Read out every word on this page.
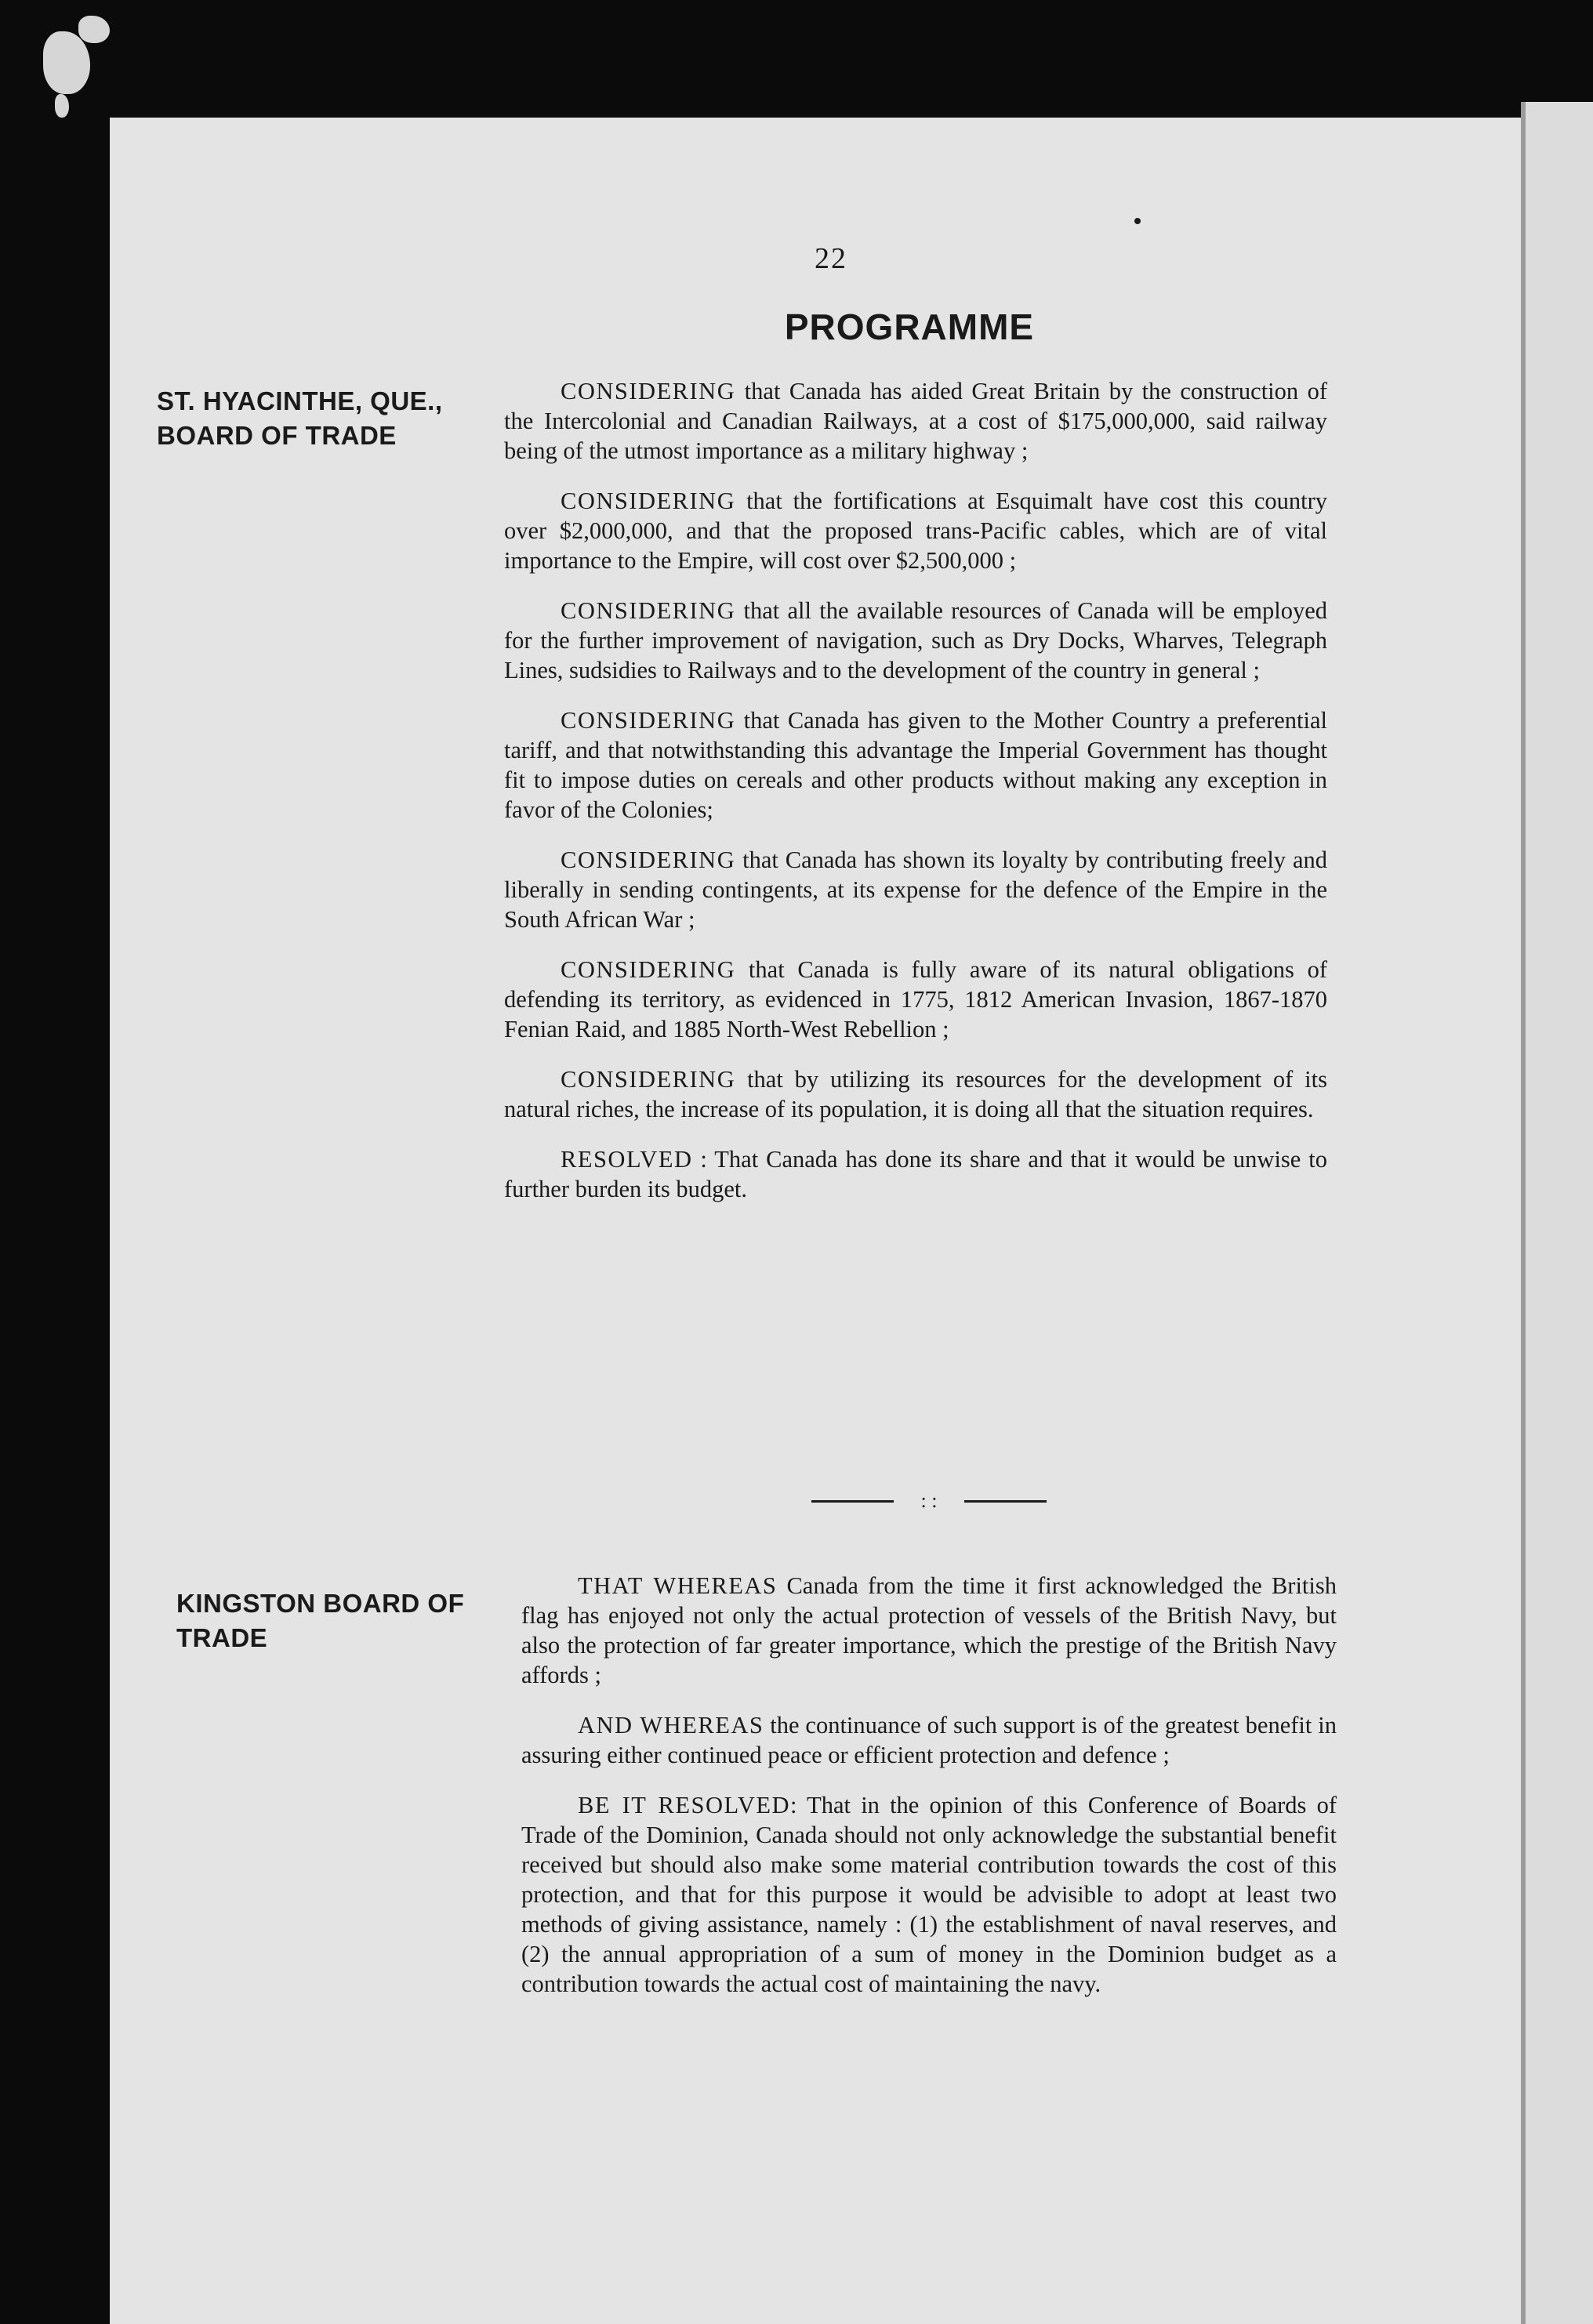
22
PROGRAMME
ST. HYACINTHE, QUE.,
BOARD OF TRADE

CONSIDERING that Canada has aided Great Britain by the construction of the Intercolonial and Canadian Railways, at a cost of $175,000,000, said railway being of the utmost importance as a military highway ;

CONSIDERING that the fortifications at Esquimalt have cost this country over $2,000,000, and that the proposed trans-Pacific cables, which are of vital importance to the Empire, will cost over $2,500,000 ;

CONSIDERING that all the available resources of Canada will be employed for the further improvement of navigation, such as Dry Docks, Wharves, Telegraph Lines, sudsidies to Railways and to the development of the country in general ;

CONSIDERING that Canada has given to the Mother Country a preferential tariff, and that notwithstanding this advantage the Imperial Government has thought fit to impose duties on cereals and other products without making any exception in favor of the Colonies;

CONSIDERING that Canada has shown its loyalty by contributing freely and liberally in sending contingents, at its expense for the defence of the Empire in the South African War ;

CONSIDERING that Canada is fully aware of its natural obligations of defending its territory, as evidenced in 1775, 1812 American Invasion, 1867-1870 Fenian Raid, and 1885 North-West Rebellion ;

CONSIDERING that by utilizing its resources for the development of its natural riches, the increase of its population, it is doing all that the situation requires.

RESOLVED : That Canada has done its share and that it would be unwise to further burden its budget.

: :
KINGSTON BOARD OF
TRADE

THAT WHEREAS Canada from the time it first acknowledged the British flag has enjoyed not only the actual protection of vessels of the British Navy, but also the protection of far greater importance, which the prestige of the British Navy affords ;

AND WHEREAS the continuance of such support is of the greatest benefit in assuring either continued peace or efficient protection and defence ;

BE IT RESOLVED: That in the opinion of this Conference of Boards of Trade of the Dominion, Canada should not only acknowledge the substantial benefit received but should also make some material contribution towards the cost of this protection, and that for this purpose it would be advisible to adopt at least two methods of giving assistance, namely : (1) the establishment of naval reserves, and (2) the annual appropriation of a sum of money in the Dominion budget as a contribution towards the actual cost of maintaining the navy.
